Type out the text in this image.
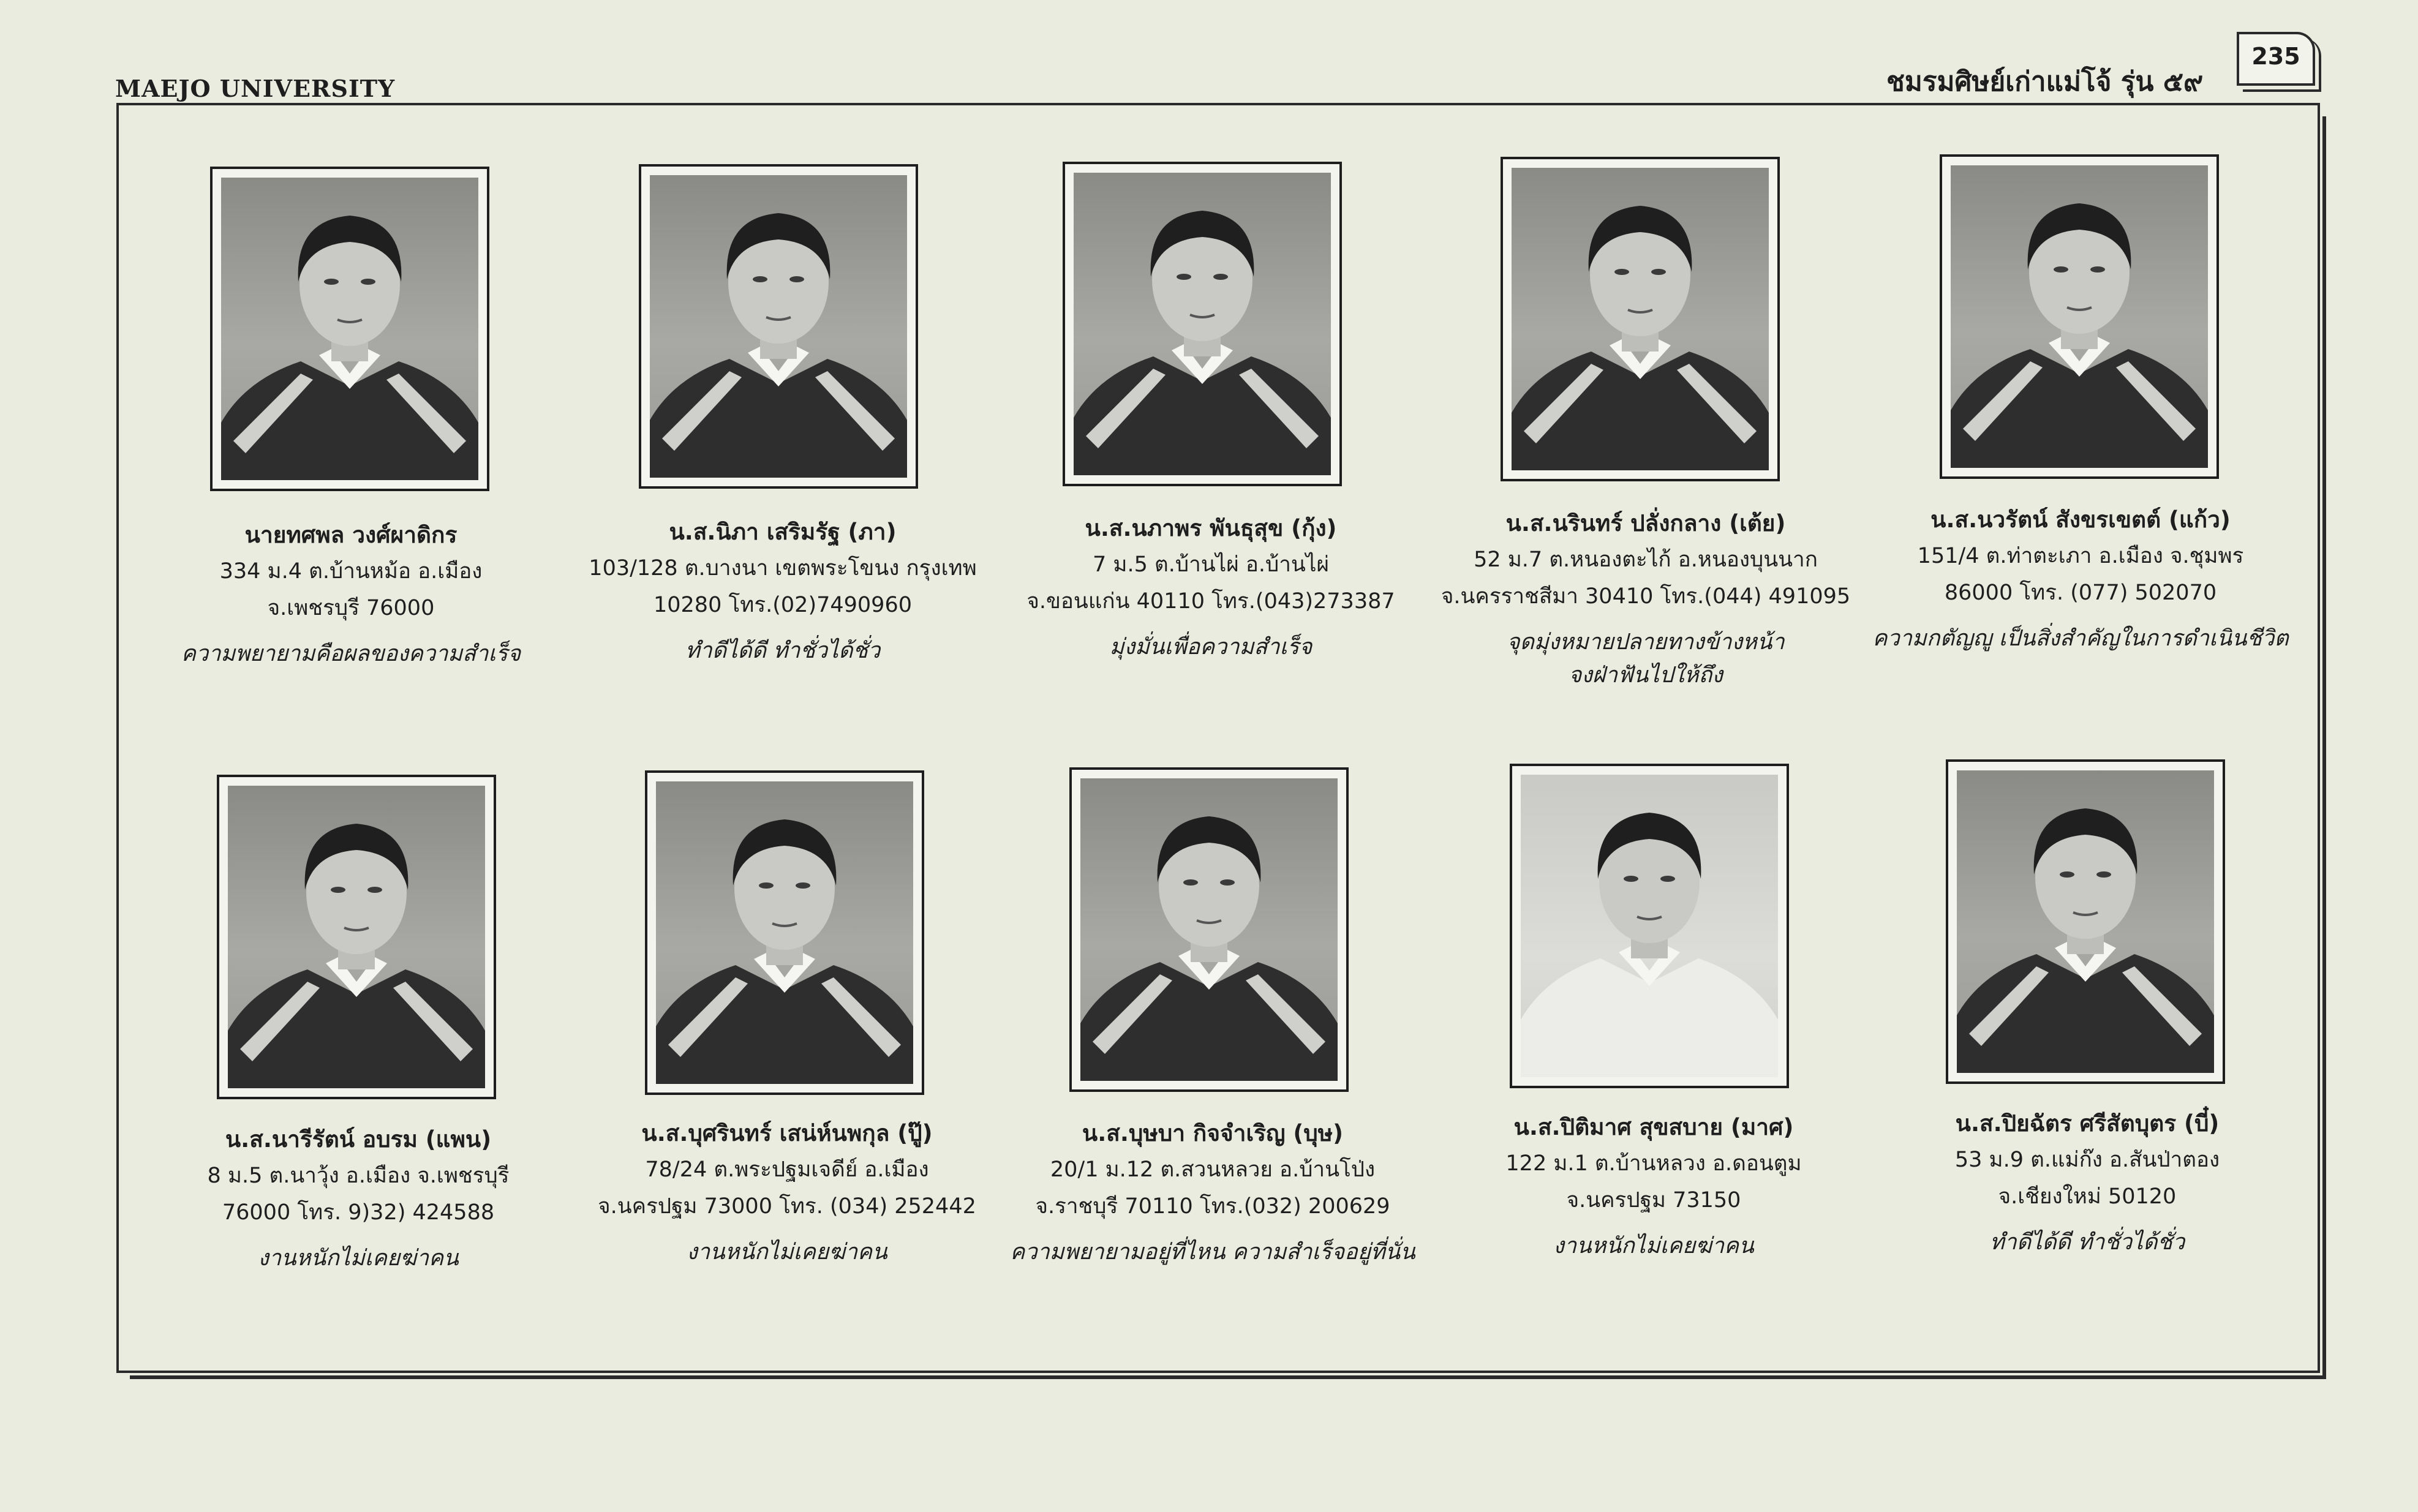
MAEJO UNIVERSITY	ชมรมศิษย์เก่าแม่โจ้ รุ่น ๕๙
235
นายทศพล วงศ์ผาดิกร
334 ม.4 ต.บ้านหม้อ อ.เมือง
จ.เพชรบุรี 76000
ความพยายามคือผลของความสำเร็จ
น.ส.นิภา เสริมรัฐ (ภา)
103/128 ต.บางนา เขตพระโขนง กรุงเทพ
10280 โทร.(02)7490960
ทำดีได้ดี ทำชั่วได้ชั่ว
น.ส.นภาพร พันธุสุข (กุ้ง)
7 ม.5 ต.บ้านไผ่ อ.บ้านไผ่
จ.ขอนแก่น 40110 โทร.(043)273387
มุ่งมั่นเพื่อความสำเร็จ
น.ส.นรินทร์ ปลั่งกลาง (เต้ย)
52 ม.7 ต.หนองตะไก้ อ.หนองบุนนาก
จ.นครราชสีมา 30410 โทร.(044) 491095
จุดมุ่งหมายปลายทางข้างหน้า
จงฝ่าฟันไปให้ถึง
น.ส.นวรัตน์ สังขรเขตต์ (แก้ว)
151/4 ต.ท่าตะเภา อ.เมือง จ.ชุมพร
86000 โทร. (077) 502070
ความกตัญญู เป็นสิ่งสำคัญในการดำเนินชีวิต
น.ส.นารีรัตน์ อบรม (แพน)
8 ม.5 ต.นาวุ้ง อ.เมือง จ.เพชรบุรี
76000 โทร. 9)32) 424588
งานหนักไม่เคยฆ่าคน
น.ส.บุศรินทร์ เสน่ห์นพกุล (ปู๊)
78/24 ต.พระปฐมเจดีย์ อ.เมือง
จ.นครปฐม 73000 โทร. (034) 252442
งานหนักไม่เคยฆ่าคน
น.ส.บุษบา กิจจำเริญ (บุษ)
20/1 ม.12 ต.สวนหลวย อ.บ้านโป่ง
จ.ราชบุรี 70110 โทร.(032) 200629
ความพยายามอยู่ที่ไหน ความสำเร็จอยู่ที่นั่น
น.ส.ปิติมาศ สุขสบาย (มาศ)
122 ม.1 ต.บ้านหลวง อ.ดอนตูม
จ.นครปฐม 73150
งานหนักไม่เคยฆ่าคน
น.ส.ปิยฉัตร ศรีสัตบุตร (บี๋)
53 ม.9 ต.แม่ก๊ง อ.สันป่าตอง
จ.เชียงใหม่ 50120
ทำดีได้ดี ทำชั่วได้ชั่ว
